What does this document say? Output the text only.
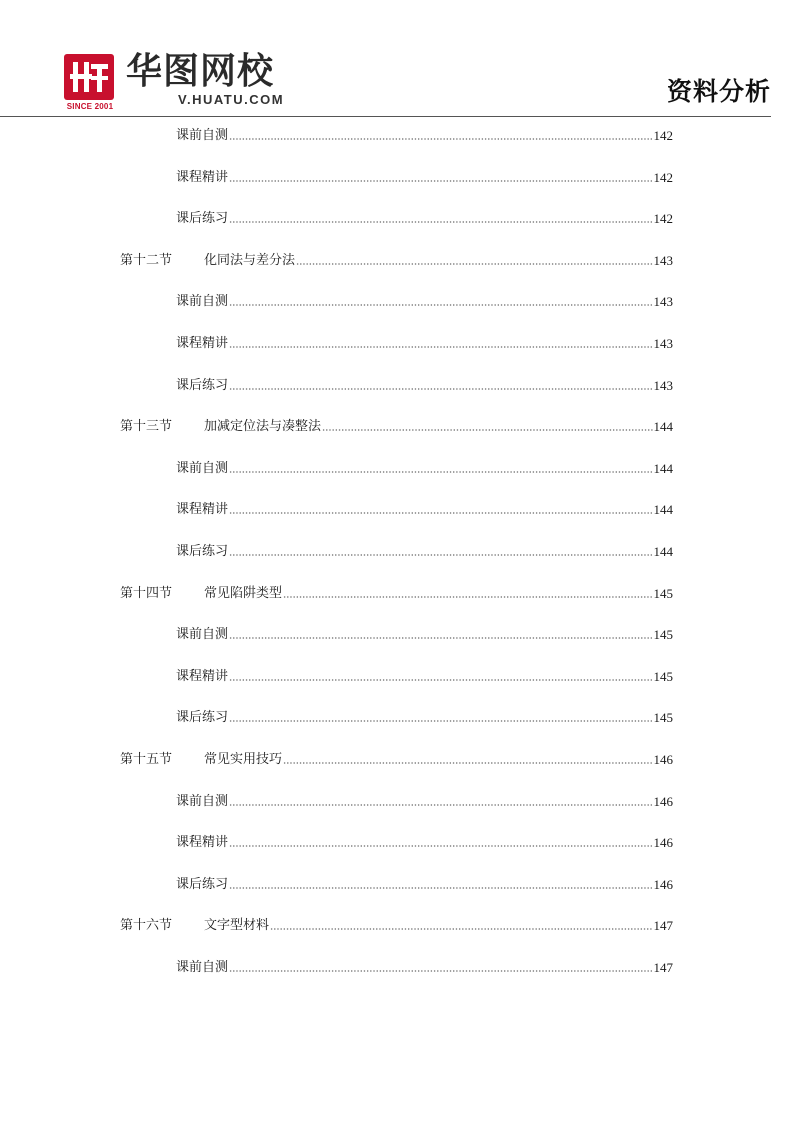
SINCE 2001
华图网校
V.HUATU.COM	资料分析
课前自测	142
课程精讲	142
课后练习	142
第十二节	化同法与差分法	143
课前自测	143
课程精讲	143
课后练习	143
第十三节	加减定位法与凑整法	144
课前自测	144
课程精讲	144
课后练习	144
第十四节	常见陷阱类型	145
课前自测	145
课程精讲	145
课后练习	145
第十五节	常见实用技巧	146
课前自测	146
课程精讲	146
课后练习	146
第十六节	文字型材料	147
课前自测	147
